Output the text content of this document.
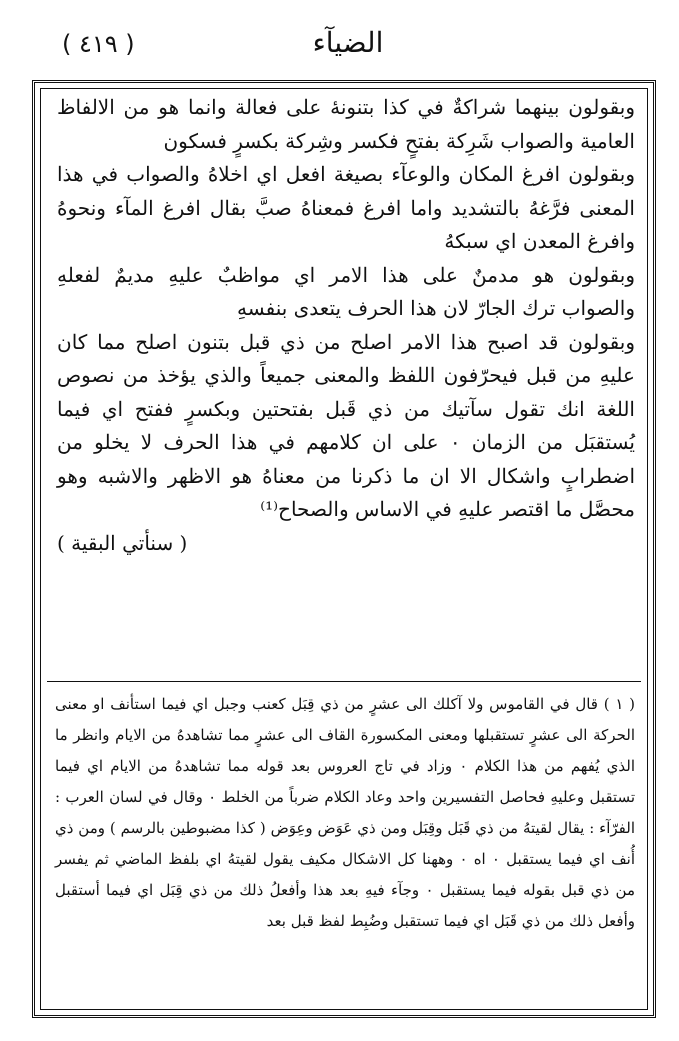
( ٤١٩ )	الضيآء

وبقولون بينهما شراكةٌ في كذا بتنونهٔ على فعالة وانما هو من الالفاظ العامية والصواب شَرِكة بفتحٍ فكسر وشِركة بكسرٍ فسكون

وبقولون افرغ المكان والوعآء بصيغة افعل اي اخلاهُ والصواب في هذا المعنى فرَّغهُ بالتشديد واما افرغ فمعناهُ صبَّ بقال افرغ المآء ونحوهُ وافرغ المعدن اي سبكهُ

وبقولون هو مدمنٌ على هذا الامر اي مواظبٌ عليهِ مديمٌ لفعلهِ والصواب ترك الجارّ لان هذا الحرف يتعدى بنفسهِ

وبقولون قد اصبح هذا الامر اصلح من ذي قبل بتنون اصلح مما كان عليهِ من قبل فيحرّفون اللفظ والمعنى جميعاً والذي يؤخذ من نصوص اللغة انك تقول سآتيك من ذي قَبل بفتحتين وبكسرٍ ففتح اي فيما يُستقبَل من الزمان ٠ على ان كلامهم في هذا الحرف لا يخلو من اضطرابٍ واشكال الا ان ما ذكرنا من معناهُ هو الاظهر والاشبه وهو محصَّل ما اقتصر عليهِ في الاساس والصحاح⁽¹⁾

( سنأتي البقية )
( ١ ) قال في القاموس ولا آكلك الى عشرٍ من ذي قِبَل كعنب وجبل اي فيما استأنف او معنى الحركة الى عشرٍ تستقبلها ومعنى المكسورة القاف الى عشرٍ مما تشاهدهُ من الايام وانظر ما الذي يُفهم من هذا الكلام ٠ وزاد في تاج العروس بعد قوله مما تشاهدهُ من الايام اي فيما تستقبل وعليهِ فحاصل التفسيرين واحد وعاد الكلام ضرباً من الخلط ٠ وقال في لسان العرب : الفرّآء : يقال لقيتهُ من ذي قَبَل وقِبَل ومن ذي عَوَض وعِوَض ( كذا مضبوطين بالرسم ) ومن ذي أُنف اي فيما يستقبل ٠ اه ٠ وههنا كل الاشكال مكيف يقول لقيتهُ اي بلفظ الماضي ثم يفسر من ذي قبل بقوله فيما يستقبل ٠ وجآء فيهِ بعد هذا وأفعلُ ذلك من ذي قِبَل اي فيما أستقبل وأفعل ذلك من ذي قَبَل اي فيما تستقبل وضُبِط لفظ قبل بعد
